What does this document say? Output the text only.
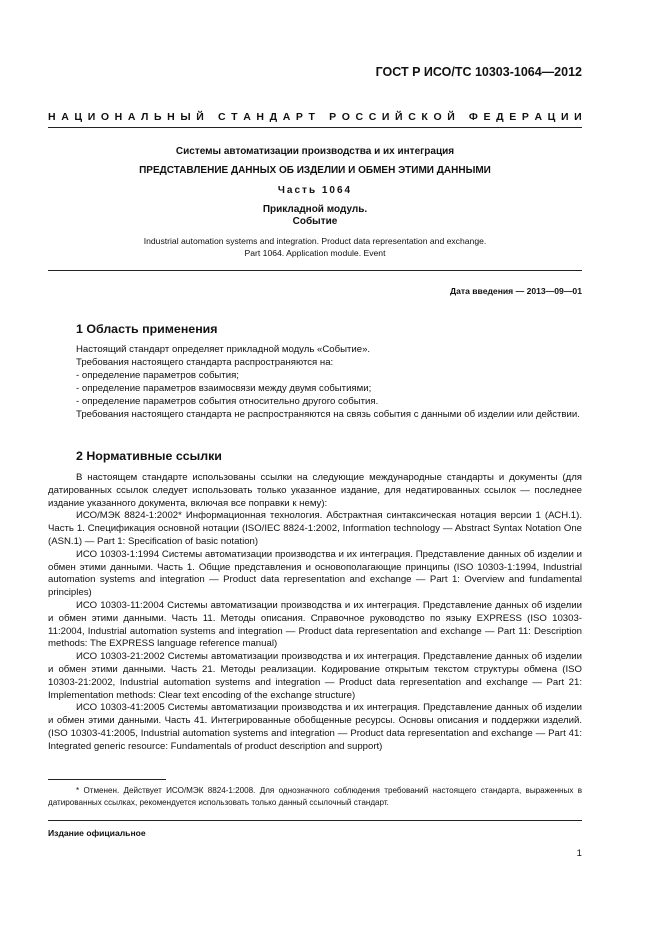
ГОСТ Р ИСО/ТС 10303-1064—2012
Н А Ц И О Н А Л Ь Н Ы Й
С Т А Н Д А Р Т
Р О С С И Й С К О Й
Ф Е Д Е Р А Ц И И
Системы автоматизации производства и их интеграция
ПРЕДСТАВЛЕНИЕ ДАННЫХ ОБ ИЗДЕЛИИ И ОБМЕН ЭТИМИ ДАННЫМИ
Часть 1064
Прикладной модуль.
Событие
Industrial automation systems and integration. Product data representation and exchange.
Part 1064. Application module. Event
Дата введения — 2013—09—01
1 Область применения

Настоящий стандарт определяет прикладной модуль «Событие».

Требования настоящего стандарта распространяются на:

- определение параметров события;

- определение параметров взаимосвязи между двумя событиями;

- определение параметров события относительно другого события.

Требования настоящего стандарта не распространяются на связь события с данными об изделии или действии.

2 Нормативные ссылки

В настоящем стандарте использованы ссылки на следующие международные стандарты и документы (для датированных ссылок следует использовать только указанное издание, для недатированных ссылок — последнее издание указанного документа, включая все поправки к нему):

ИСО/МЭК 8824-1:2002* Информационная технология. Абстрактная синтаксическая нотация версии 1 (АСН.1). Часть 1. Спецификация основной нотации (ISO/IEC 8824-1:2002, Information technology — Abstract Syntax Notation One (ASN.1) — Part 1: Specification of basic notation)

ИСО 10303-1:1994 Системы автоматизации производства и их интеграция. Представление данных об изделии и обмен этими данными. Часть 1. Общие представления и основополагающие принципы (ISO 10303-1:1994, Industrial automation systems and integration — Product data representation and exchange — Part 1: Overview and fundamental principles)

ИСО 10303-11:2004 Системы автоматизации производства и их интеграция. Представление данных об изделии и обмен этими данными. Часть 11. Методы описания. Справочное руководство по языку EXPRESS (ISO 10303-11:2004, Industrial automation systems and integration — Product data representation and exchange — Part 11: Description methods: The EXPRESS language reference manual)

ИСО 10303-21:2002 Системы автоматизации производства и их интеграция. Представление данных об изделии и обмен этими данными. Часть 21. Методы реализации. Кодирование открытым текстом структуры обмена (ISO 10303-21:2002, Industrial automation systems and integration — Product data representation and exchange — Part 21: Implementation methods: Clear text encoding of the exchange structure)

ИСО 10303-41:2005 Системы автоматизации производства и их интеграция. Представление данных об изделии и обмен этими данными. Часть 41. Интегрированные обобщенные ресурсы. Основы описания и поддержки изделий. (ISO 10303-41:2005, Industrial automation systems and integration — Product data representation and exchange — Part 41: Integrated generic resource: Fundamentals of product description and support)

* Отменен. Действует ИСО/МЭК 8824-1:2008. Для однозначного соблюдения требований настоящего стандарта, выраженных в датированных ссылках, рекомендуется использовать только данный ссылочный стандарт.

Издание официальное
1
